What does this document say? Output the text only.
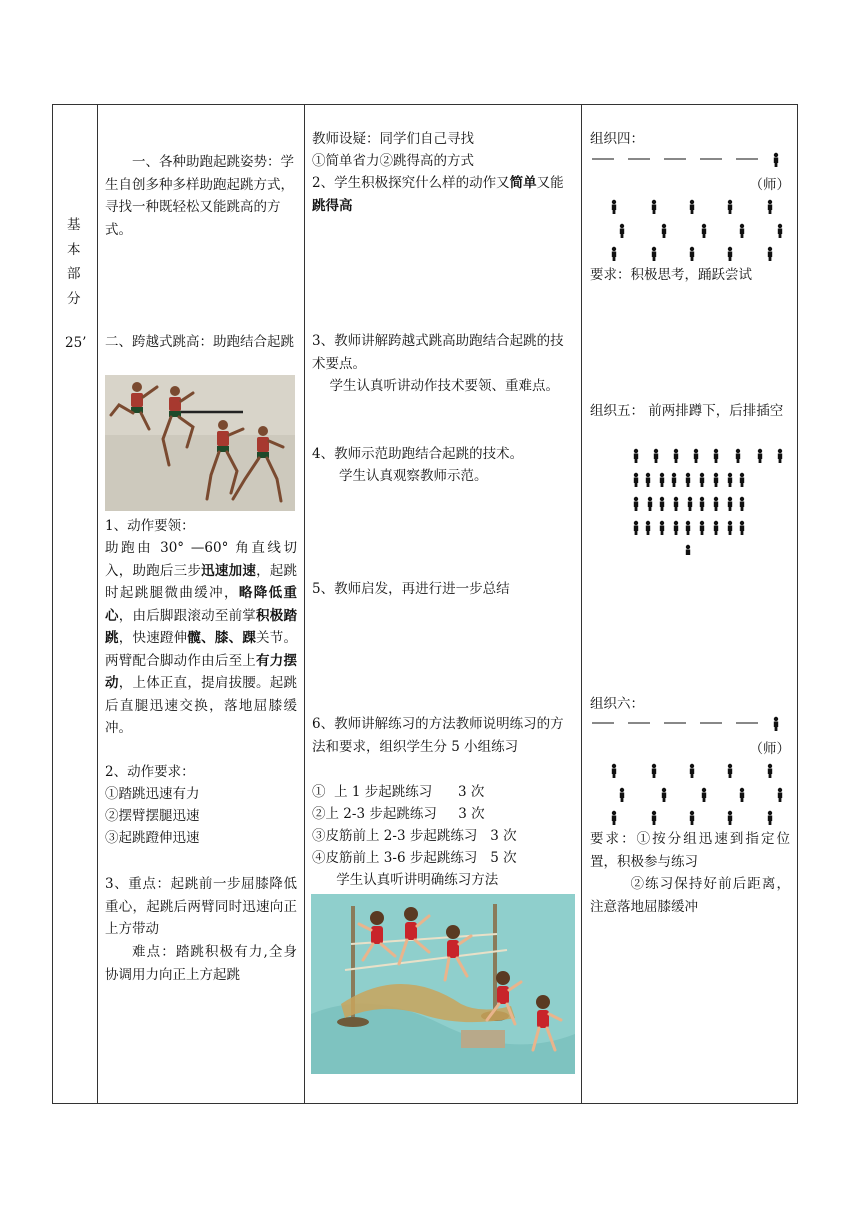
基
本
部
分
25’

一、各种助跑起跳姿势：学生自创多种多样助跑起跳方式，寻找一种既轻松又能跳高的方式。

二、跨越式跳高：助跑结合起跳

1、动作要领：

助跑由 30° —60° 角直线切入，助跑后三步迅速加速，起跳时起跳腿微曲缓冲，略降低重心，由后脚跟滚动至前掌积极踏跳，快速蹬伸髋、膝、踝关节。两臂配合脚动作由后至上有力摆动，上体正直，提肩拔腰。起跳后直腿迅速交换，落地屈膝缓冲。

2、动作要求：

①踏跳迅速有力

②摆臂摆腿迅速

③起跳蹬伸迅速

3、重点：起跳前一步屈膝降低重心，起跳后两臂同时迅速向正上方带动

难点：踏跳积极有力,全身协调用力向正上方起跳

教师设疑：同学们自己寻找

①简单省力②跳得高的方式

2、学生积极探究什么样的动作又简单又能跳得高

3、教师讲解跨越式跳高助跑结合起跳的技术要点。

学生认真听讲动作技术要领、重难点。

4、教师示范助跑结合起跳的技术。

学生认真观察教师示范。

5、教师启发，再进行进一步总结

6、教师讲解练习的方法教师说明练习的方法和要求，组织学生分 5 小组练习

①  上 1 步起跳练习      3 次

②上 2-3 步起跳练习     3 次

③皮筋前上 2-3 步起跳练习   3 次

④皮筋前上 3-6 步起跳练习   5 次

学生认真听讲明确练习方法

组织四：

（师）

要求：积极思考，踊跃尝试

组织五： 前两排蹲下，后排插空

组织六：

（师）

要求：①按分组迅速到指定位置，积极参与练习

②练习保持好前后距离，注意落地屈膝缓冲
